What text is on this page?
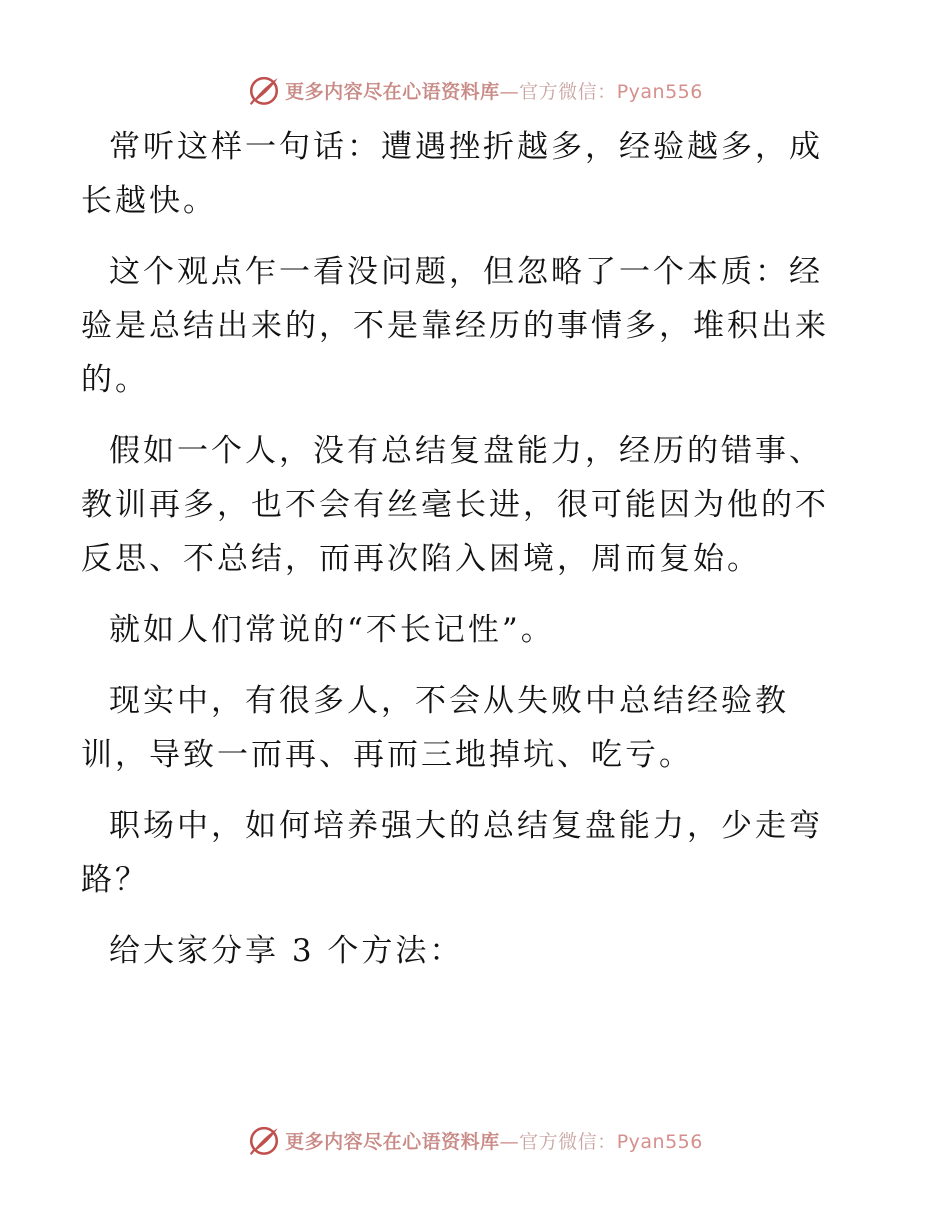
更多内容尽在心语资料库—官方微信：Pyan556

常听这样一句话：遭遇挫折越多，经验越多，成
长越快。

这个观点乍一看没问题，但忽略了一个本质：经
验是总结出来的，不是靠经历的事情多，堆积出来
的。

假如一个人，没有总结复盘能力，经历的错事、
教训再多，也不会有丝毫长进，很可能因为他的不
反思、不总结，而再次陷入困境，周而复始。

就如人们常说的“不长记性”。

现实中，有很多人，不会从失败中总结经验教
训，导致一而再、再而三地掉坑、吃亏。

职场中，如何培养强大的总结复盘能力，少走弯
路？

给大家分享 3 个方法：

更多内容尽在心语资料库—官方微信：Pyan556
